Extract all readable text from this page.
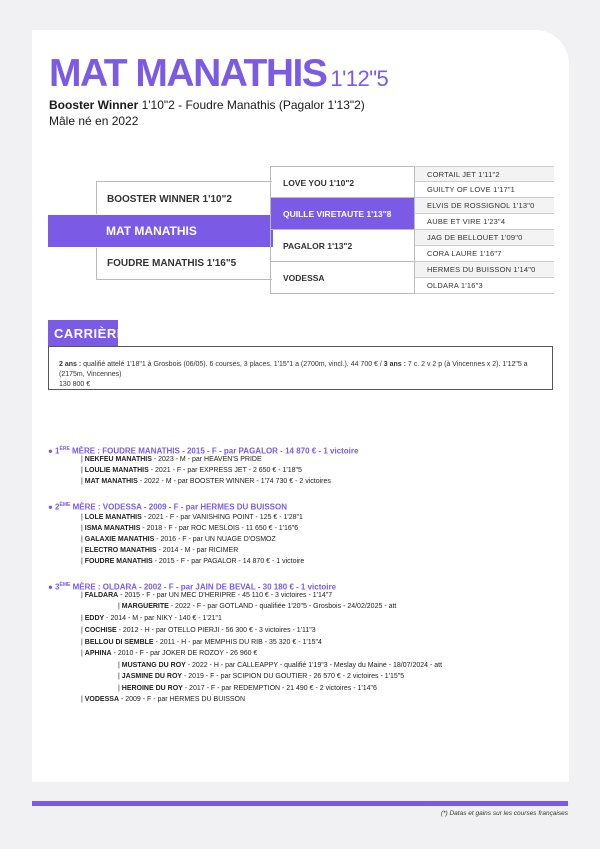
MAT MANATHIS 1'12"5
Booster Winner 1'10"2 - Foudre Manathis (Pagalor 1'13"2)
Mâle né en 2022
BOOSTER WINNER 1'10"2
MAT MANATHIS
FOUDRE MANATHIS 1'16"5
LOVE YOU 1'10"2
QUILLE VIRETAUTE 1'13"8
PAGALOR 1'13"2
VODESSA
CORTAIL JET 1'11"2
GUILTY OF LOVE 1'17"1
ELVIS DE ROSSIGNOL 1'13"0
AUBE ET VIRE 1'23"4
JAG DE BELLOUET 1'09"0
CORA LAURE 1'16"7
HERMES DU BUISSON 1'14"0
OLDARA 1'16"3
CARRIÈRE
2 ans : qualifié attelé 1'18"1 à Grosbois (06/05). 6 courses, 3 places. 1'15"1 a (2700m, vincl.). 44 700 € / 3 ans : 7 c. 2 v 2 p (à Vincennes x 2). 1'12"5 a (2175m, Vincennes)
130 800 €
● 1ÈRE MÈRE : FOUDRE MANATHIS - 2015 - F - par PAGALOR - 14 870 € - 1 victoire
| NEKFEU MANATHIS - 2023 - M - par HEAVEN'S PRIDE
| LOULIE MANATHIS - 2021 - F - par EXPRESS JET - 2 650 € - 1'18"5
| MAT MANATHIS - 2022 - M - par BOOSTER WINNER - 1'74 730 € - 2 victoires
● 2ÈME MÈRE : VODESSA - 2009 - F - par HERMES DU BUISSON
| LOLE MANATHIS - 2021 - F - par VANISHING POINT - 125 € - 1'28"1
| ISMA MANATHIS - 2018 - F - par ROC MESLOIS - 11 650 € - 1'16"6
| GALAXIE MANATHIS - 2016 - F - par UN NUAGE D'OSMOZ
| ELECTRO MANATHIS - 2014 - M - par RICIMER
| FOUDRE MANATHIS - 2015 - F - par PAGALOR - 14 870 € - 1 victoire
● 3ÈME MÈRE : OLDARA - 2002 - F - par JAIN DE BEVAL - 30 180 € - 1 victoire
| FALDARA - 2015 - F - par UN MEC D'HERIPRE - 45 110 € - 3 victoires - 1'14"7
| MARGUERITE - 2022 - F - par GOTLAND - qualifiée 1'20"5 - Grosbois - 24/02/2025 - att
| EDDY - 2014 - M - par NIKY - 140 € - 1'21"1
| COCHISE - 2012 - H - par OTELLO PIERJI - 56 300 € - 3 victoires - 1'11"3
| BELLOU DI SEMBLE - 2011 - H - par MEMPHIS DU RIB - 35 320 € - 1'15"4
| APHINA - 2010 - F - par JOKER DE ROZOY - 26 960 €
| MUSTANG DU ROY - 2022 - H - par CALLEAPPY - qualifié 1'19"3 - Meslay du Maine - 18/07/2024 - att
| JASMINE DU ROY - 2019 - F - par SCIPION DU GOUTIER - 26 570 € - 2 victoires - 1'15"5
| HEROINE DU ROY - 2017 - F - par REDEMPTION - 21 490 € - 2 victoires - 1'14"6
| VODESSA - 2009 - F - par HERMES DU BUISSON
(*) Datas et gains sur les courses françaises
